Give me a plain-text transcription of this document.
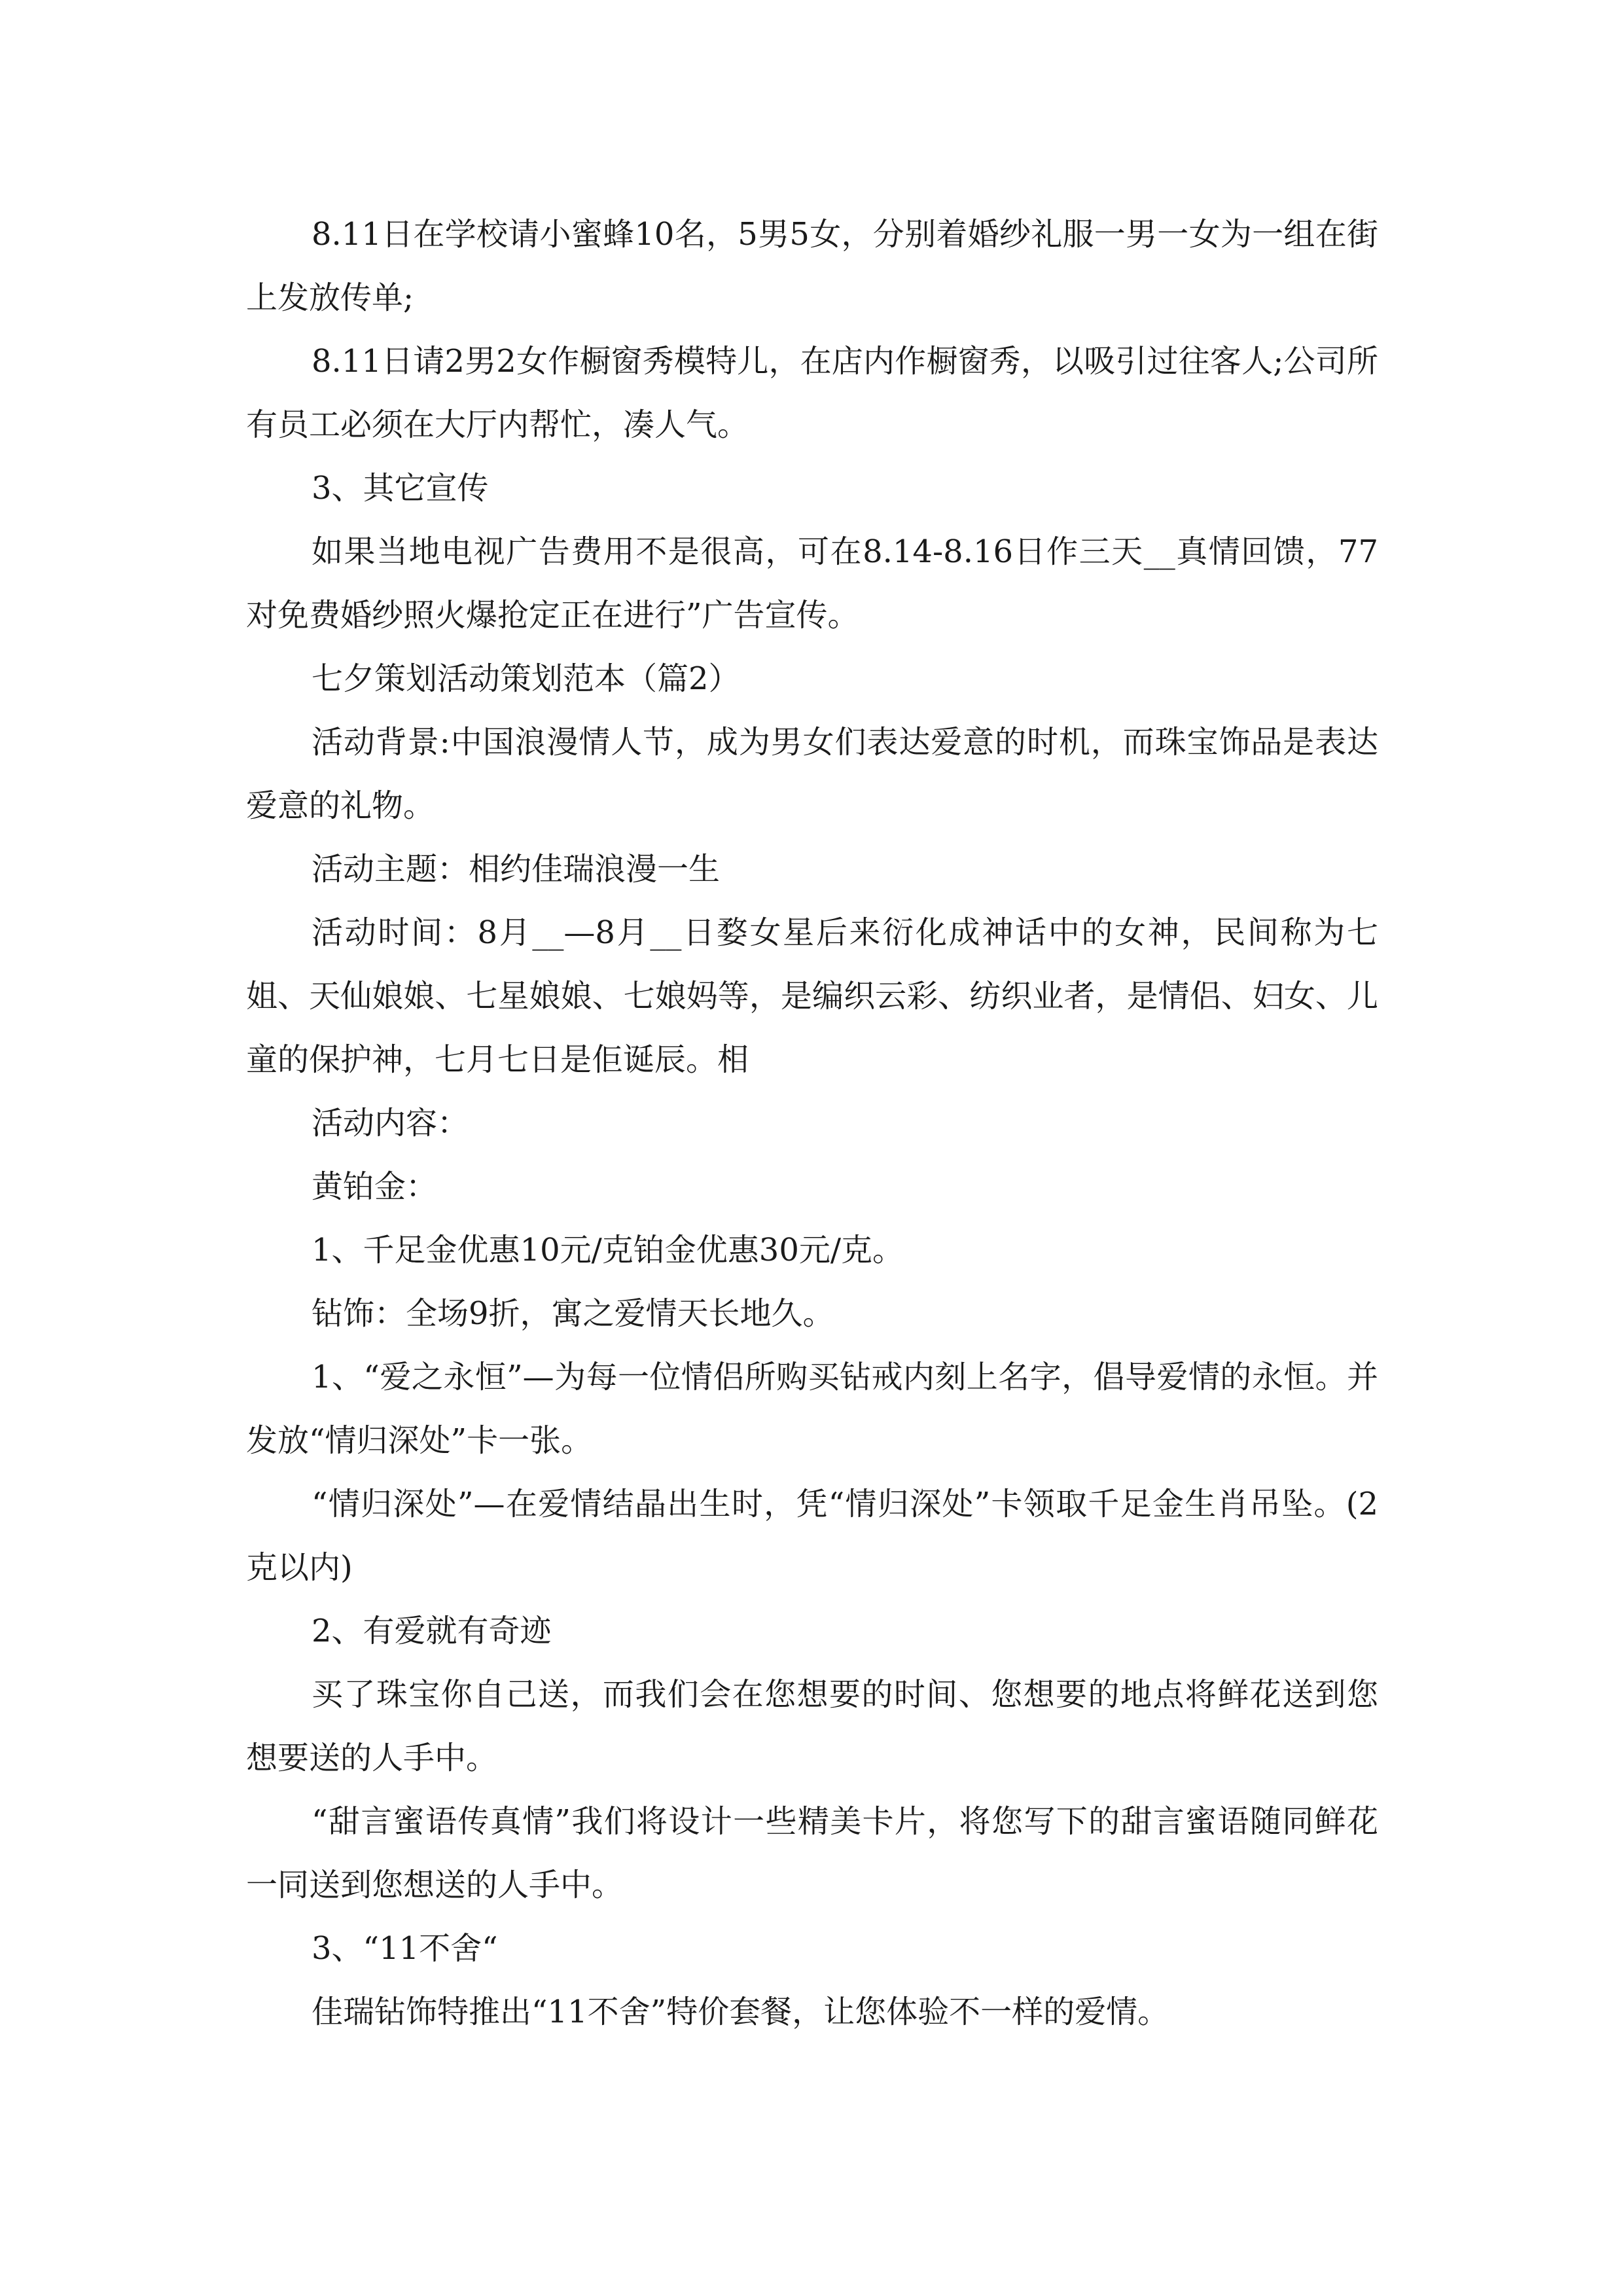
8.11日在学校请小蜜蜂10名，5男5女，分别着婚纱礼服一男一女为一组在街上发放传单;

8.11日请2男2女作橱窗秀模特儿，在店内作橱窗秀，以吸引过往客人;公司所有员工必须在大厅内帮忙，凑人气。

3、其它宣传

如果当地电视广告费用不是很高，可在8.14-8.16日作三天__真情回馈，77对免费婚纱照火爆抢定正在进行”广告宣传。

七夕策划活动策划范本（篇2）

活动背景:中国浪漫情人节，成为男女们表达爱意的时机，而珠宝饰品是表达爱意的礼物。

活动主题：相约佳瑞浪漫一生

活动时间：8月__—8月__日婺女星后来衍化成神话中的女神，民间称为七姐、天仙娘娘、七星娘娘、七娘妈等，是编织云彩、纺织业者，是情侣、妇女、儿童的保护神，七月七日是佢诞辰。相

活动内容：

黄铂金：

1、千足金优惠10元/克铂金优惠30元/克。

钻饰：全场9折，寓之爱情天长地久。

1、“爱之永恒”—为每一位情侣所购买钻戒内刻上名字，倡导爱情的永恒。并发放“情归深处”卡一张。

“情归深处”—在爱情结晶出生时，凭“情归深处”卡领取千足金生肖吊坠。(2克以内)

2、有爱就有奇迹

买了珠宝你自己送，而我们会在您想要的时间、您想要的地点将鲜花送到您想要送的人手中。

“甜言蜜语传真情”我们将设计一些精美卡片，将您写下的甜言蜜语随同鲜花一同送到您想送的人手中。

3、“11不舍“

佳瑞钻饰特推出“11不舍”特价套餐，让您体验不一样的爱情。
